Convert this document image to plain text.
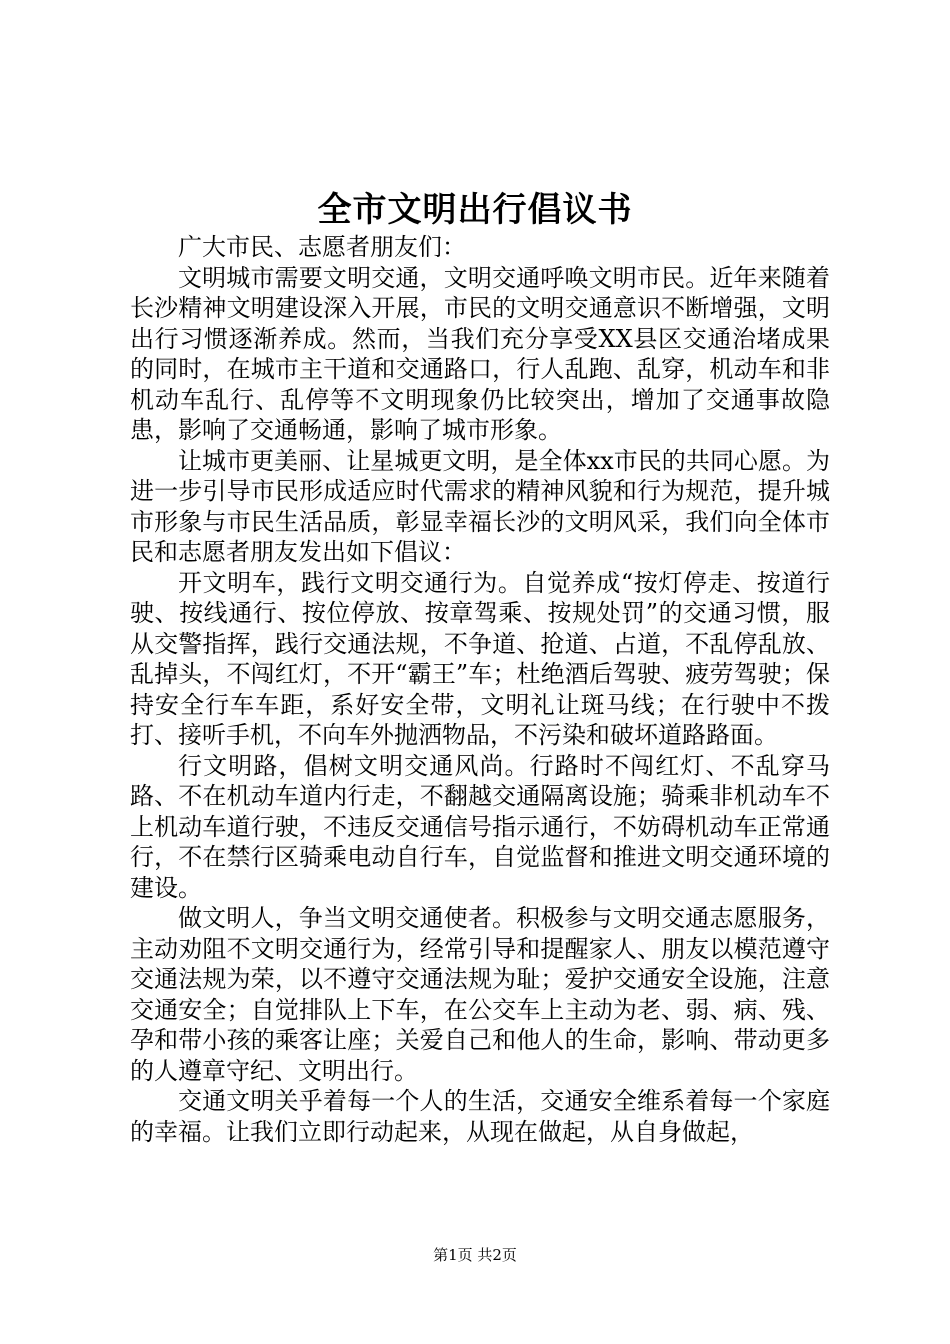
全市文明出行倡议书

广大市民、志愿者朋友们：

文明城市需要文明交通，文明交通呼唤文明市民。近年来随着长沙精神文明建设深入开展，市民的文明交通意识不断增强，文明出行习惯逐渐养成。然而，当我们充分享受XX县区交通治堵成果的同时，在城市主干道和交通路口，行人乱跑、乱穿，机动车和非机动车乱行、乱停等不文明现象仍比较突出，增加了交通事故隐患，影响了交通畅通，影响了城市形象。

让城市更美丽、让星城更文明，是全体xx市民的共同心愿。为进一步引导市民形成适应时代需求的精神风貌和行为规范，提升城市形象与市民生活品质，彰显幸福长沙的文明风采，我们向全体市民和志愿者朋友发出如下倡议：

开文明车，践行文明交通行为。自觉养成“按灯停走、按道行驶、按线通行、按位停放、按章驾乘、按规处罚”的交通习惯，服从交警指挥，践行交通法规，不争道、抢道、占道，不乱停乱放、乱掉头，不闯红灯，不开“霸王”车；杜绝酒后驾驶、疲劳驾驶；保持安全行车车距，系好安全带，文明礼让斑马线；在行驶中不拨打、接听手机，不向车外抛洒物品，不污染和破坏道路路面。

行文明路，倡树文明交通风尚。行路时不闯红灯、不乱穿马路、不在机动车道内行走，不翻越交通隔离设施；骑乘非机动车不上机动车道行驶，不违反交通信号指示通行，不妨碍机动车正常通行，不在禁行区骑乘电动自行车，自觉监督和推进文明交通环境的建设。

做文明人，争当文明交通使者。积极参与文明交通志愿服务，主动劝阻不文明交通行为，经常引导和提醒家人、朋友以模范遵守交通法规为荣，以不遵守交通法规为耻；爱护交通安全设施，注意交通安全；自觉排队上下车，在公交车上主动为老、弱、病、残、孕和带小孩的乘客让座；关爱自己和他人的生命，影响、带动更多的人遵章守纪、文明出行。

交通文明关乎着每一个人的生活，交通安全维系着每一个家庭的幸福。让我们立即行动起来，从现在做起，从自身做起，

第1页 共2页
